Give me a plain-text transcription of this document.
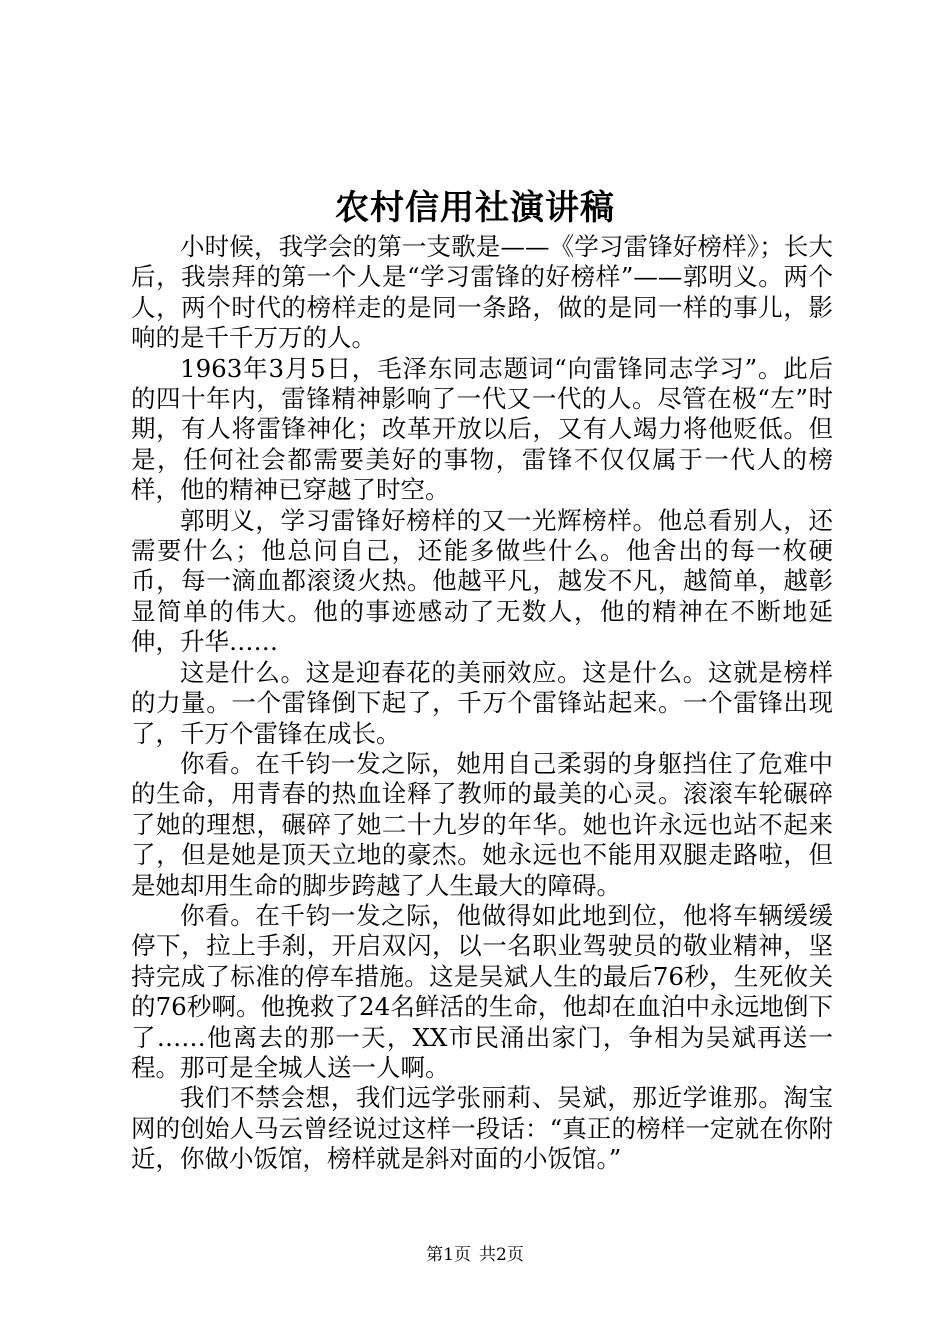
农村信用社演讲稿

小时候，我学会的第一支歌是——《学习雷锋好榜样》；长大后，我崇拜的第一个人是“学习雷锋的好榜样”——郭明义。两个人，两个时代的榜样走的是同一条路，做的是同一样的事儿，影响的是千千万万的人。

1963年3月5日，毛泽东同志题词“向雷锋同志学习”。此后的四十年内，雷锋精神影响了一代又一代的人。尽管在极“左”时期，有人将雷锋神化；改革开放以后，又有人竭力将他贬低。但是，任何社会都需要美好的事物，雷锋不仅仅属于一代人的榜样，他的精神已穿越了时空。

郭明义，学习雷锋好榜样的又一光辉榜样。他总看别人，还需要什么；他总问自己，还能多做些什么。他舍出的每一枚硬币，每一滴血都滚烫火热。他越平凡，越发不凡，越简单，越彰显简单的伟大。他的事迹感动了无数人，他的精神在不断地延伸，升华……

这是什么。这是迎春花的美丽效应。这是什么。这就是榜样的力量。一个雷锋倒下起了，千万个雷锋站起来。一个雷锋出现了，千万个雷锋在成长。

你看。在千钧一发之际，她用自己柔弱的身躯挡住了危难中的生命，用青春的热血诠释了教师的最美的心灵。滚滚车轮碾碎了她的理想，碾碎了她二十九岁的年华。她也许永远也站不起来了，但是她是顶天立地的豪杰。她永远也不能用双腿走路啦，但是她却用生命的脚步跨越了人生最大的障碍。

你看。在千钧一发之际，他做得如此地到位，他将车辆缓缓停下，拉上手刹，开启双闪，以一名职业驾驶员的敬业精神，坚持完成了标准的停车措施。这是吴斌人生的最后76秒，生死攸关的76秒啊。他挽救了24名鲜活的生命，他却在血泊中永远地倒下了……他离去的那一天，XX市民涌出家门，争相为吴斌再送一程。那可是全城人送一人啊。

我们不禁会想，我们远学张丽莉、吴斌，那近学谁那。淘宝网的创始人马云曾经说过这样一段话：“真正的榜样一定就在你附近，你做小饭馆，榜样就是斜对面的小饭馆。”

第1页 共2页
